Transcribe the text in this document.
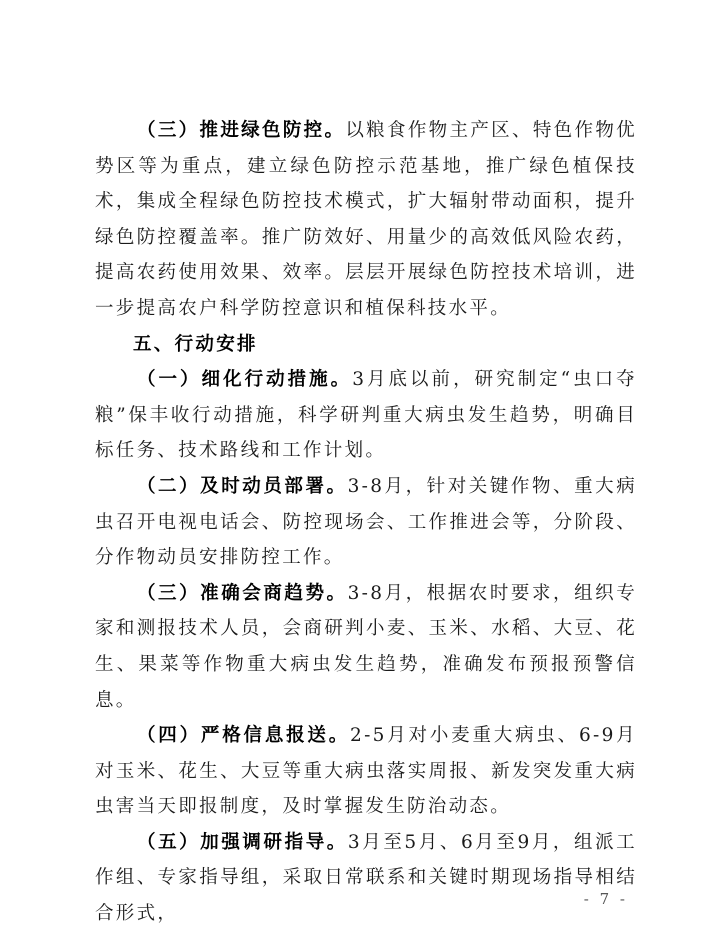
（三）推进绿色防控。以粮食作物主产区、特色作物优势区等为重点，建立绿色防控示范基地，推广绿色植保技术，集成全程绿色防控技术模式，扩大辐射带动面积，提升绿色防控覆盖率。推广防效好、用量少的高效低风险农药，提高农药使用效果、效率。层层开展绿色防控技术培训，进一步提高农户科学防控意识和植保科技水平。

五、行动安排

（一）细化行动措施。3月底以前，研究制定“虫口夺粮”保丰收行动措施，科学研判重大病虫发生趋势，明确目标任务、技术路线和工作计划。

（二）及时动员部署。3-8月，针对关键作物、重大病虫召开电视电话会、防控现场会、工作推进会等，分阶段、分作物动员安排防控工作。

（三）准确会商趋势。3-8月，根据农时要求，组织专家和测报技术人员，会商研判小麦、玉米、水稻、大豆、花生、果菜等作物重大病虫发生趋势，准确发布预报预警信息。

（四）严格信息报送。2-5月对小麦重大病虫、6-9月对玉米、花生、大豆等重大病虫落实周报、新发突发重大病虫害当天即报制度，及时掌握发生防治动态。

（五）加强调研指导。3月至5月、6月至9月，组派工作组、专家指导组，采取日常联系和关键时期现场指导相结合形式，

- 7 -
